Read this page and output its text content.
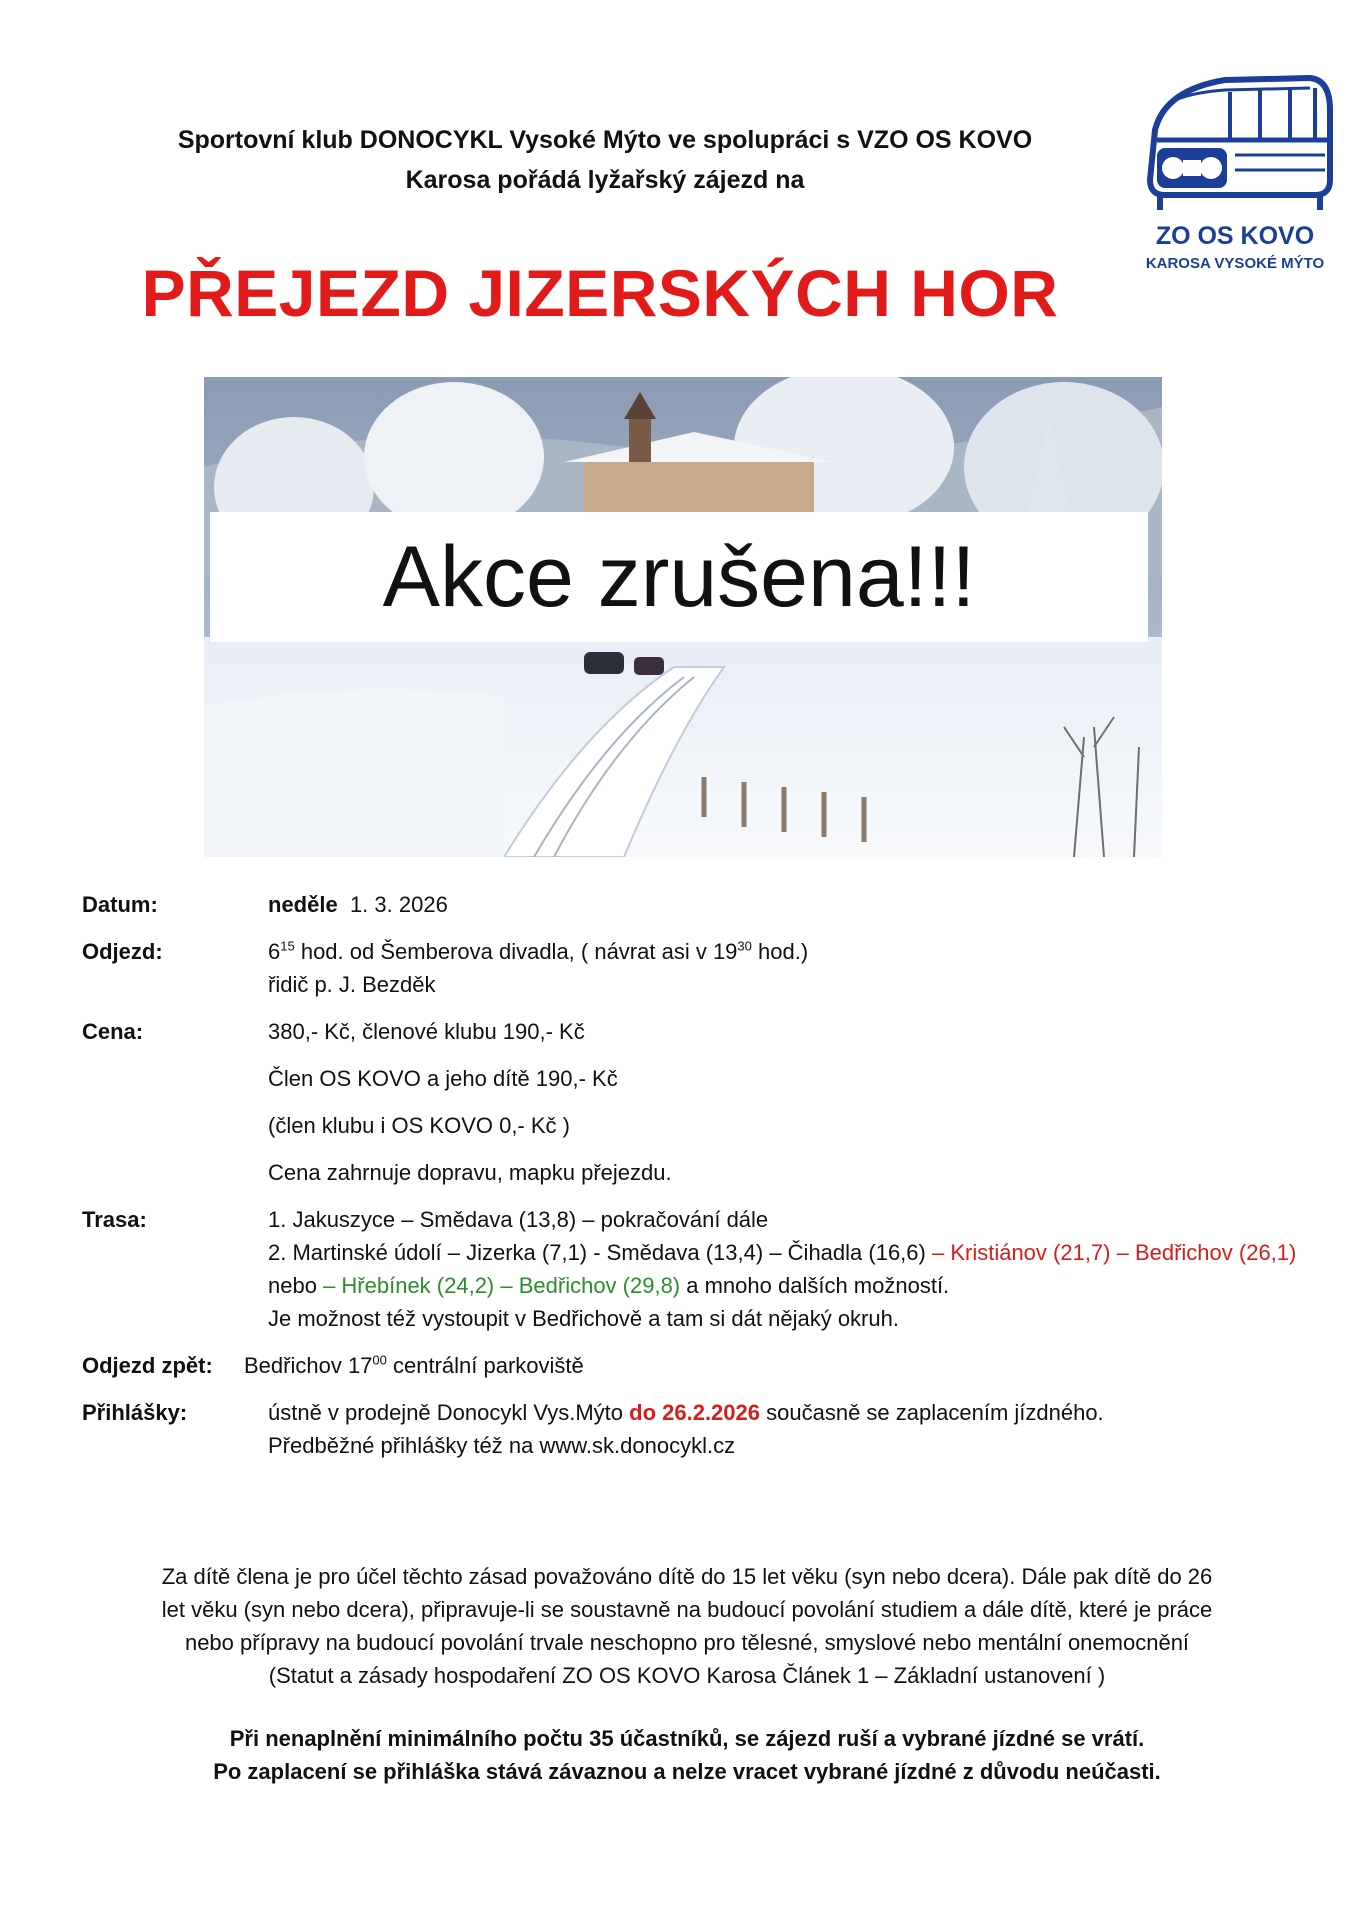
Sportovní klub DONOCYKL Vysoké Mýto ve spolupráci s VZO OS KOVO
Karosa pořádá lyžařský zájezd na
PŘEJEZD JIZERSKÝCH HOR
ZO OS KOVO
KAROSA VYSOKÉ MÝTO
Akce zrušena!!!
Datum:	neděle 1. 3. 2026
Odjezd:	$6^{15}$ hod. od Šemberova divadla, ( návrat asi v $19^{30}$ hod.)
řidič p. J. Bezděk
Cena:	380,- Kč, členové klubu 190,- Kč

Člen OS KOVO a jeho dítě 190,- Kč

(člen klubu i OS KOVO 0,- Kč )

Cena zahrnuje dopravu, mapku přejezdu.

Trasa:	1. Jakuszyce – Smědava (13,8) – pokračování dále
2. Martinské údolí – Jizerka (7,1) - Smědava (13,4) – Čihadla (16,6) – Kristiánov (21,7) – Bedřichov (26,1)
nebo – Hřebínek (24,2) – Bedřichov (29,8) a mnoho dalších možností.
Je možnost též vystoupit v Bedřichově a tam si dát nějaký okruh.
Odjezd zpět:	Bedřichov $17^{00}$ centrální parkoviště
Přihlášky:	ústně v prodejně Donocykl Vys.Mýto do 26.2.2026 současně se zaplacením jízdného.
Předběžné přihlášky též na www.sk.donocykl.cz
Za dítě člena je pro účel těchto zásad považováno dítě do 15 let věku (syn nebo dcera). Dále pak dítě do 26
let věku (syn nebo dcera), připravuje-li se soustavně na budoucí povolání studiem a dále dítě, které je práce
nebo přípravy na budoucí povolání trvale neschopno pro tělesné, smyslové nebo mentální onemocnění
(Statut a zásady hospodaření ZO OS KOVO Karosa Článek 1 – Základní ustanovení )
Při nenaplnění minimálního počtu 35 účastníků, se zájezd ruší a vybrané jízdné se vrátí.
Po zaplacení se přihláška stává závaznou a nelze vracet vybrané jízdné z důvodu neúčasti.
